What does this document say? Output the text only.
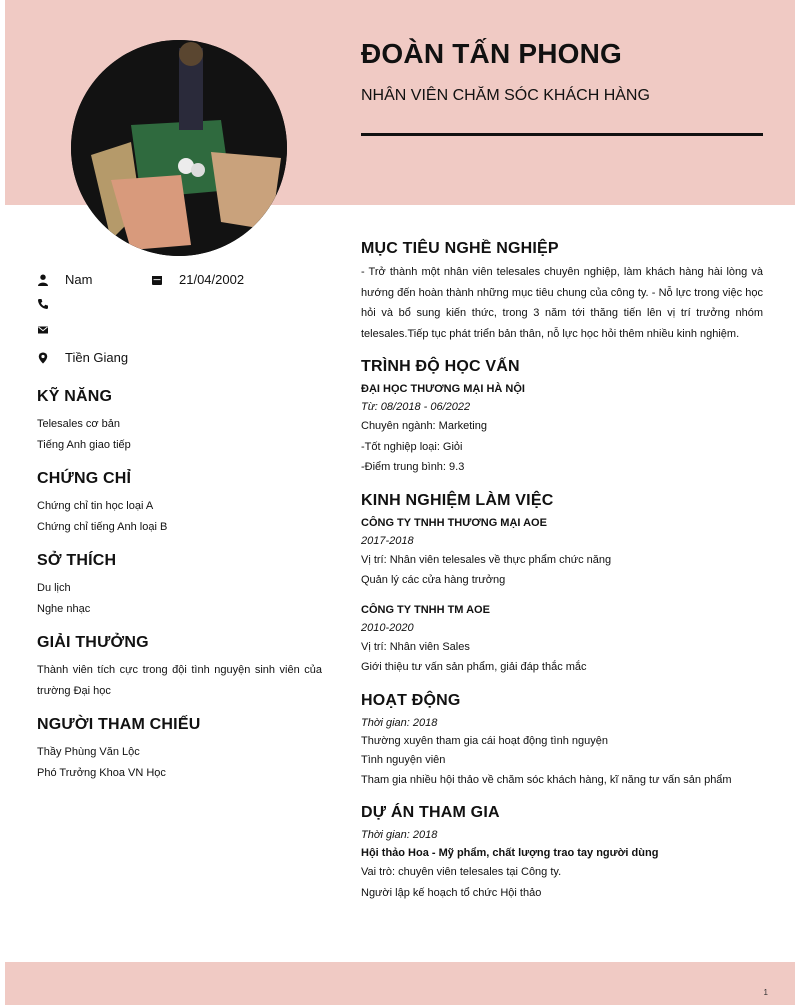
ĐOÀN TẤN PHONG
NHÂN VIÊN CHĂM SÓC KHÁCH HÀNG
Nam	21/04/2002
Tiền Giang
KỸ NĂNG
Telesales cơ bản
Tiếng Anh giao tiếp
CHỨNG CHỈ
Chứng chỉ tin học loại A
Chứng chỉ tiếng Anh loại B
SỞ THÍCH
Du lịch
Nghe nhạc
GIẢI THƯỞNG
Thành viên tích cực trong đội tình nguyện sinh viên của trường Đại học
NGƯỜI THAM CHIẾU
Thầy Phùng Văn Lộc
Phó Trưởng Khoa VN Học
MỤC TIÊU NGHỀ NGHIỆP
- Trở thành một nhân viên telesales chuyên nghiệp, làm khách hàng hài lòng và hướng đến hoàn thành những mục tiêu chung của công ty. - Nỗ lực trong việc học hỏi và bổ sung kiến thức, trong 3 năm tới thăng tiến lên vị trí trưởng nhóm telesales.Tiếp tục phát triển bản thân, nỗ lực học hỏi thêm nhiều kinh nghiệm.
TRÌNH ĐỘ HỌC VẤN
ĐẠI HỌC THƯƠNG MẠI HÀ NỘI
Từ: 08/2018 - 06/2022
Chuyên ngành: Marketing
-Tốt nghiệp loại: Giỏi
-Điểm trung bình: 9.3
KINH NGHIỆM LÀM VIỆC
CÔNG TY TNHH THƯƠNG MẠI AOE
2017-2018
Vị trí: Nhân viên telesales về thực phẩm chức năng
Quản lý các cửa hàng trưởng
CÔNG TY TNHH TM AOE
2010-2020
Vị trí: Nhân viên Sales
Giới thiệu tư vấn sản phẩm, giải đáp thắc mắc
HOẠT ĐỘNG
Thời gian: 2018
Thường xuyên tham gia cái hoạt động tình nguyện
Tình nguyện viên
Tham gia nhiều hội thảo về chăm sóc khách hàng, kĩ năng tư vấn sản phẩm
DỰ ÁN THAM GIA
Thời gian: 2018
Hội thảo Hoa - Mỹ phẩm, chất lượng trao tay người dùng
Vai trò: chuyên viên telesales tại Công ty.
Người lập kế hoạch tổ chức Hội thảo
1
